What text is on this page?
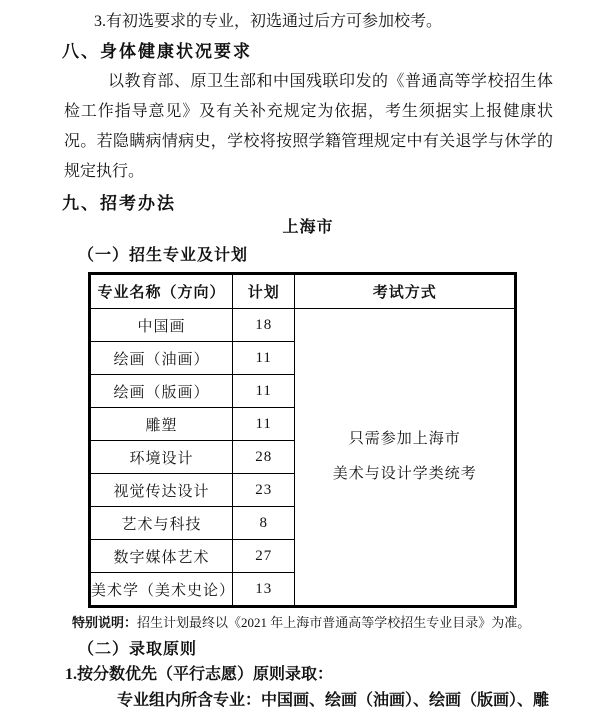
3.有初选要求的专业，初选通过后方可参加校考。

八、身体健康状况要求

以教育部、原卫生部和中国残联印发的《普通高等学校招生体检工作指导意见》及有关补充规定为依据，考生须据实上报健康状况。若隐瞒病情病史，学校将按照学籍管理规定中有关退学与休学的规定执行。

九、招考办法
上海市
（一）招生专业及计划
专业名称（方向）	计划	考试方式
中国画	18	只需参加上海市
美术与设计学类统考

绘画（油画）	11	
绘画（版画）	11	
雕塑	11	
环境设计	28	
视觉传达设计	23	
艺术与科技	8	
数字媒体艺术	27	
美术学（美术史论）	13	
特别说明：招生计划最终以《2021 年上海市普通高等学校招生专业目录》为准。
（二）录取原则
1.按分数优先（平行志愿）原则录取：
专业组内所含专业：中国画、绘画（油画）、绘画（版画）、雕
